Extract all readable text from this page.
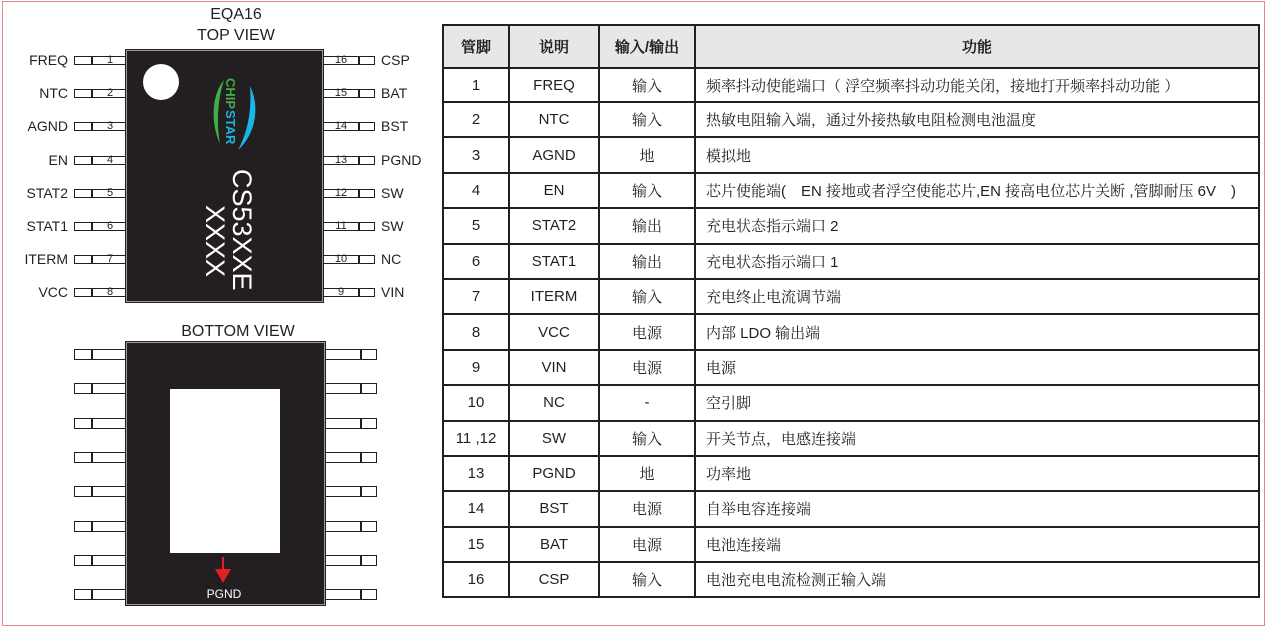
EQA16
TOP VIEW
1
FREQ
2
NTC
3
AGND
4
EN
5
STAT2
6
STAT1
7
ITERM
8
VCC
16	CSP
15	BAT
14	BST
13	PGND
12	SW
11	SW
10	NC
9	VIN
CHIP
STAR
CS53XXE
XXXX
BOTTOM VIEW
PGND
管脚	说明	输入/输出	功能
1	FREQ	输入	频率抖动使能端口（ 浮空频率抖动功能关闭，接地打开频率抖动功能 ）
2	NTC	输入	热敏电阻输入端，通过外接热敏电阻检测电池温度
3	AGND	地	模拟地
4	EN	输入	芯片使能端(　EN 接地或者浮空使能芯片,EN 接高电位芯片关断 ,管脚耐压 6V　)
5	STAT2	输出	充电状态指示端口 2
6	STAT1	输出	充电状态指示端口 1
7	ITERM	输入	充电终止电流调节端
8	VCC	电源	内部 LDO 输出端
9	VIN	电源	电源
10	NC	-	空引脚
11 ,12	SW	输入	开关节点，电感连接端
13	PGND	地	功率地
14	BST	电源	自举电容连接端
15	BAT	电源	电池连接端
16	CSP	输入	电池充电电流检测正输入端
